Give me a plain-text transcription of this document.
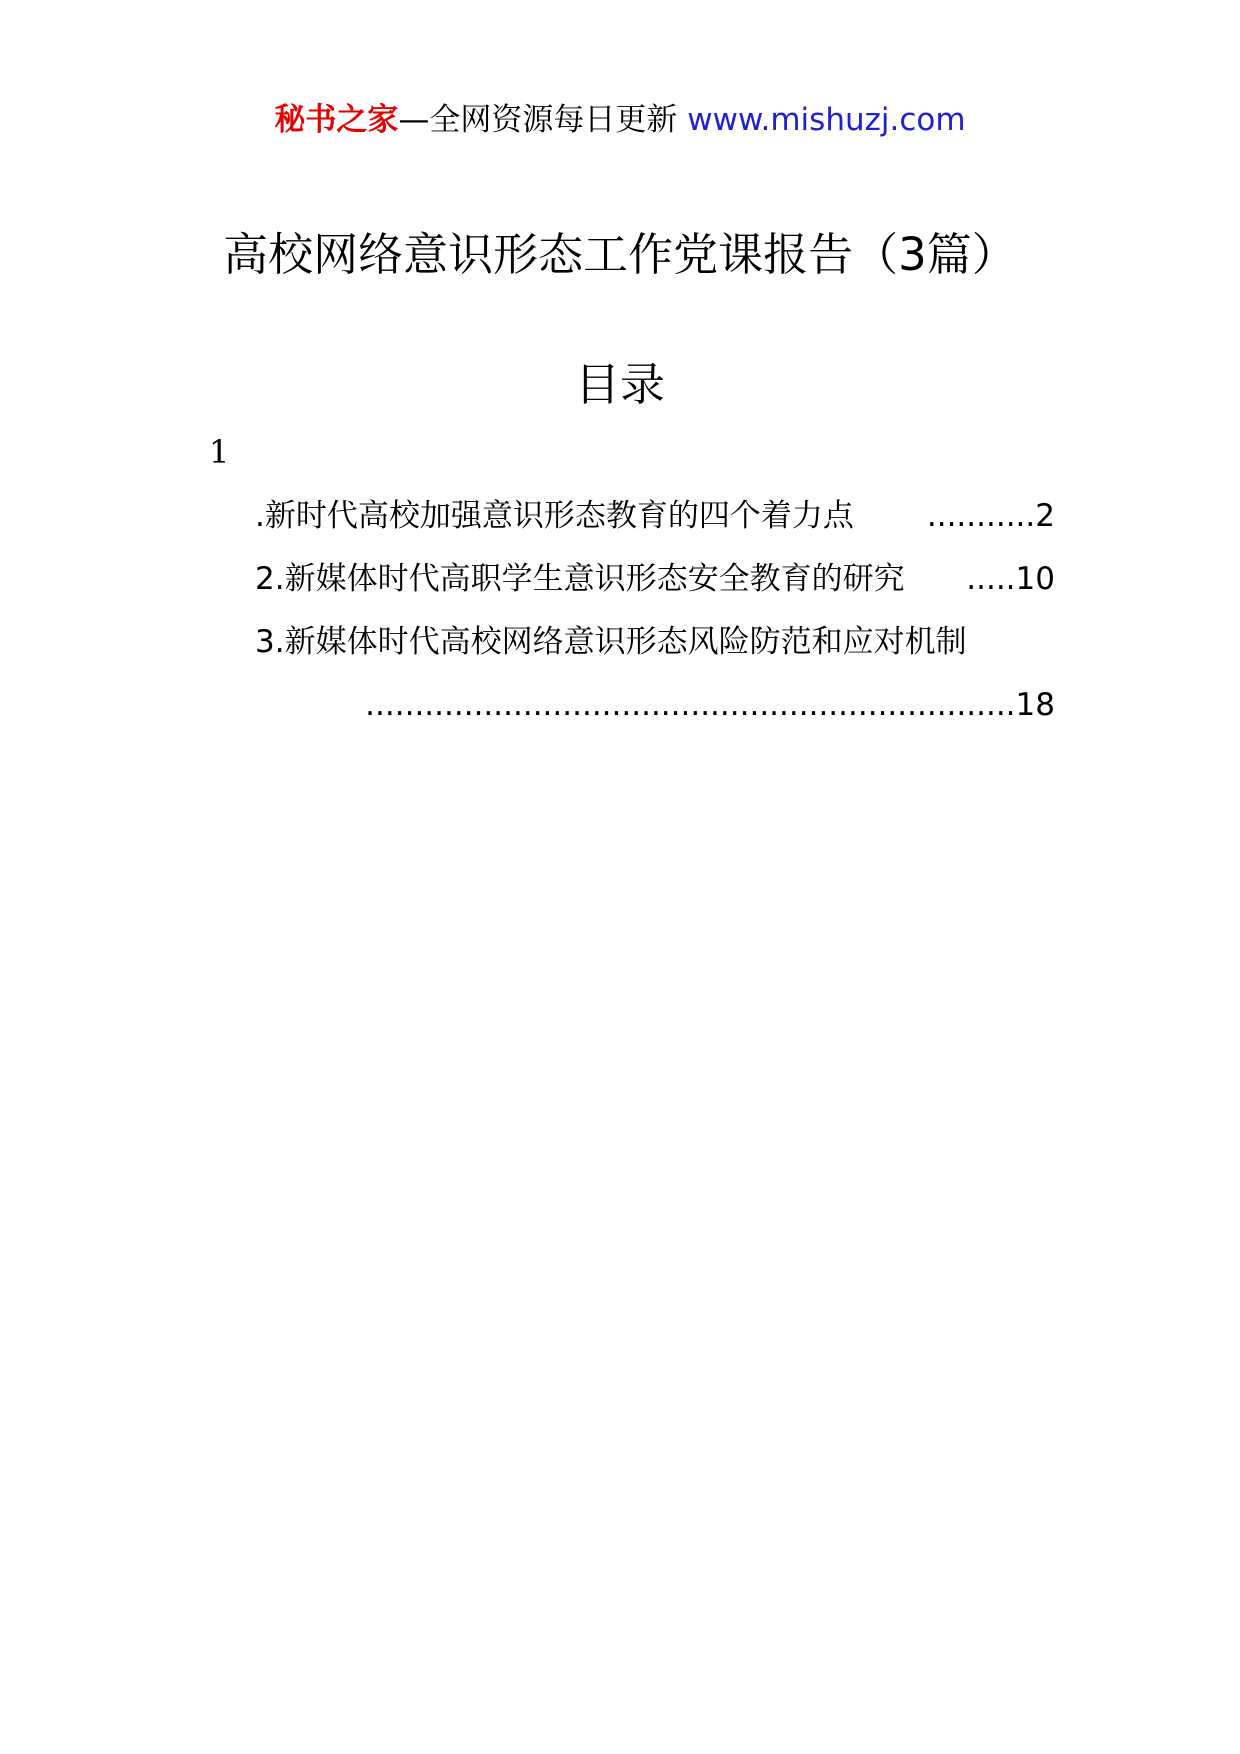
秘书之家—全网资源每日更新 www.mishuzj.com
高校网络意识形态工作党课报告（3篇）
目录
1
.新时代高校加强意识形态教育的四个着力点	........... 2
2.新媒体时代高职学生意识形态安全教育的研究	..... 10
3.新媒体时代高校网络意识形态风险防范和应对机制
.................................................................. 18
